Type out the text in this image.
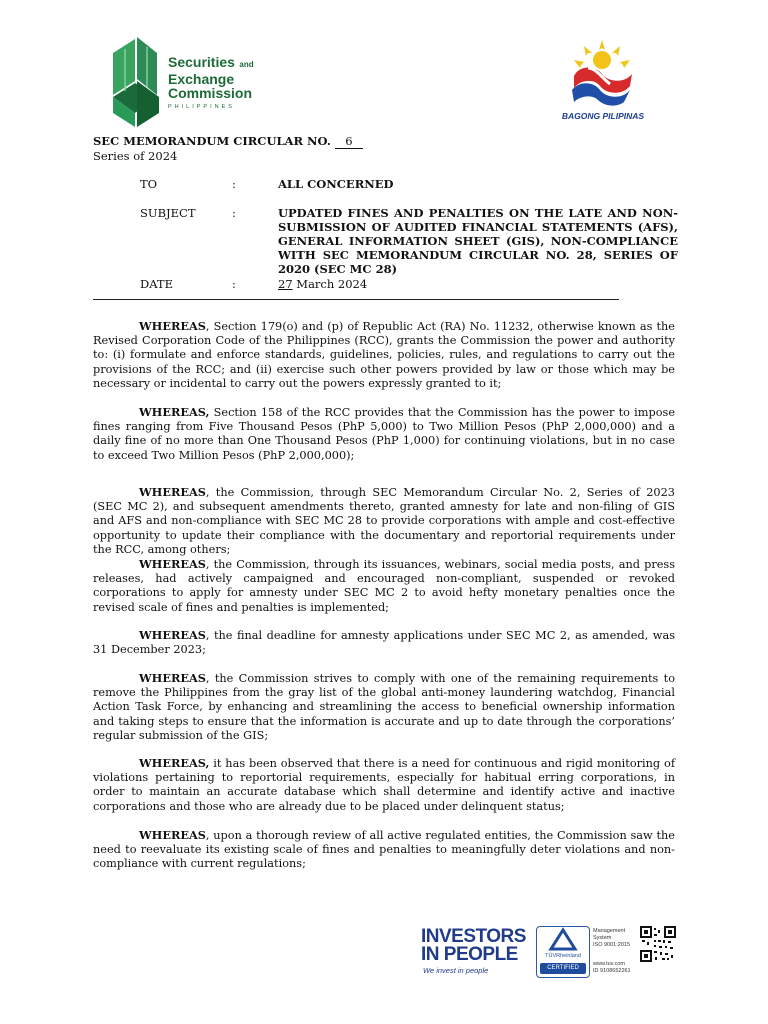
Securities and
Exchange
Commission
PHILIPPINES
BAGONG PILIPINAS
SEC MEMORANDUM CIRCULAR NO. 6
Series of 2024
TO	:	ALL CONCERNED
SUBJECT	:	UPDATED FINES AND PENALTIES ON THE LATE AND NON-SUBMISSION OF AUDITED FINANCIAL STATEMENTS (AFS), GENERAL INFORMATION SHEET (GIS), NON-COMPLIANCE WITH SEC MEMORANDUM CIRCULAR NO. 28, SERIES OF 2020 (SEC MC 28)
DATE	:	27 March 2024
WHEREAS, Section 179(o) and (p) of Republic Act (RA) No. 11232, otherwise known as the Revised Corporation Code of the Philippines (RCC), grants the Commission the power and authority to: (i) formulate and enforce standards, guidelines, policies, rules, and regulations to carry out the provisions of the RCC; and (ii) exercise such other powers provided by law or those which may be necessary or incidental to carry out the powers expressly granted to it;
WHEREAS, Section 158 of the RCC provides that the Commission has the power to impose fines ranging from Five Thousand Pesos (PhP 5,000) to Two Million Pesos (PhP 2,000,000) and a daily fine of no more than One Thousand Pesos (PhP 1,000) for continuing violations, but in no case to exceed Two Million Pesos (PhP 2,000,000);
WHEREAS, the Commission, through SEC Memorandum Circular No. 2, Series of 2023 (SEC MC 2), and subsequent amendments thereto, granted amnesty for late and non-filing of GIS and AFS and non-compliance with SEC MC 28 to provide corporations with ample and cost-effective opportunity to update their compliance with the documentary and reportorial requirements under the RCC, among others;
WHEREAS, the Commission, through its issuances, webinars, social media posts, and press releases, had actively campaigned and encouraged non-compliant, suspended or revoked corporations to apply for amnesty under SEC MC 2 to avoid hefty monetary penalties once the revised scale of fines and penalties is implemented;
WHEREAS, the final deadline for amnesty applications under SEC MC 2, as amended, was 31 December 2023;
WHEREAS, the Commission strives to comply with one of the remaining requirements to remove the Philippines from the gray list of the global anti-money laundering watchdog, Financial Action Task Force, by enhancing and streamlining the access to beneficial ownership information and taking steps to ensure that the information is accurate and up to date through the corporations’ regular submission of the GIS;
WHEREAS, it has been observed that there is a need for continuous and rigid monitoring of violations pertaining to reportorial requirements, especially for habitual erring corporations, in order to maintain an accurate database which shall determine and identify active and inactive corporations and those who are already due to be placed under delinquent status;
WHEREAS, upon a thorough review of all active regulated entities, the Commission saw the need to reevaluate its existing scale of fines and penalties to meaningfully deter violations and non-compliance with current regulations;
INVESTORS
IN PEOPLE
We invest in people
TÜVRheinland
CERTIFIED
Management
System
ISO 9001:2015
www.tuv.com
ID 9108652261
